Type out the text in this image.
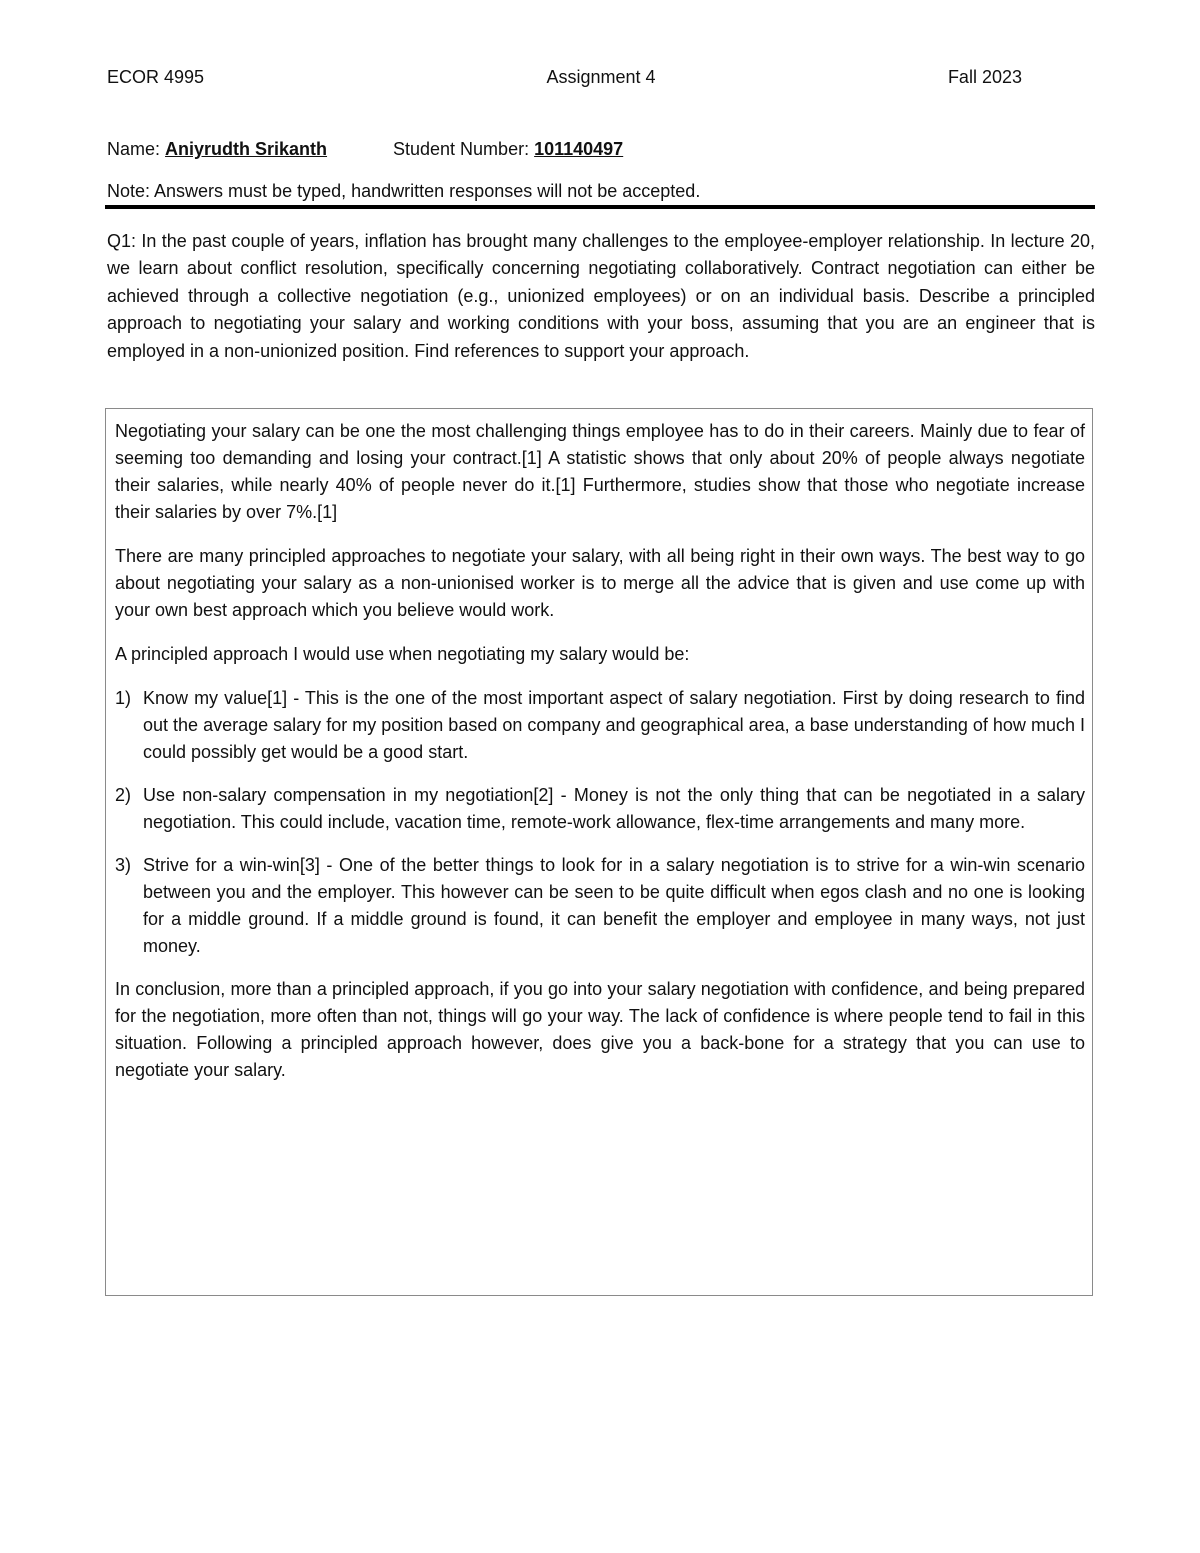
ECOR 4995	Assignment 4	Fall 2023
Name: Aniyrudth Srikanth	Student Number: 101140497
Note: Answers must be typed, handwritten responses will not be accepted.
Q1: In the past couple of years, inflation has brought many challenges to the employee-employer relationship. In lecture 20, we learn about conflict resolution, specifically concerning negotiating collaboratively. Contract negotiation can either be achieved through a collective negotiation (e.g., unionized employees) or on an individual basis. Describe a principled approach to negotiating your salary and working conditions with your boss, assuming that you are an engineer that is employed in a non-unionized position. Find references to support your approach.

Negotiating your salary can be one the most challenging things employee has to do in their careers. Mainly due to fear of seeming too demanding and losing your contract.[1] A statistic shows that only about 20% of people always negotiate their salaries, while nearly 40% of people never do it.[1] Furthermore, studies show that those who negotiate increase their salaries by over 7%.[1]

There are many principled approaches to negotiate your salary, with all being right in their own ways. The best way to go about negotiating your salary as a non-unionised worker is to merge all the advice that is given and use come up with your own best approach which you believe would work.

A principled approach I would use when negotiating my salary would be:

1) Know my value[1] - This is the one of the most important aspect of salary negotiation. First by doing research to find out the average salary for my position based on company and geographical area, a base understanding of how much I could possibly get would be a good start.
2) Use non-salary compensation in my negotiation[2] - Money is not the only thing that can be negotiated in a salary negotiation. This could include, vacation time, remote-work allowance, flex-time arrangements and many more.
3) Strive for a win-win[3] - One of the better things to look for in a salary negotiation is to strive for a win-win scenario between you and the employer. This however can be seen to be quite difficult when egos clash and no one is looking for a middle ground. If a middle ground is found, it can benefit the employer and employee in many ways, not just money.

In conclusion, more than a principled approach, if you go into your salary negotiation with confidence, and being prepared for the negotiation, more often than not, things will go your way. The lack of confidence is where people tend to fail in this situation. Following a principled approach however, does give you a back-bone for a strategy that you can use to negotiate your salary.
